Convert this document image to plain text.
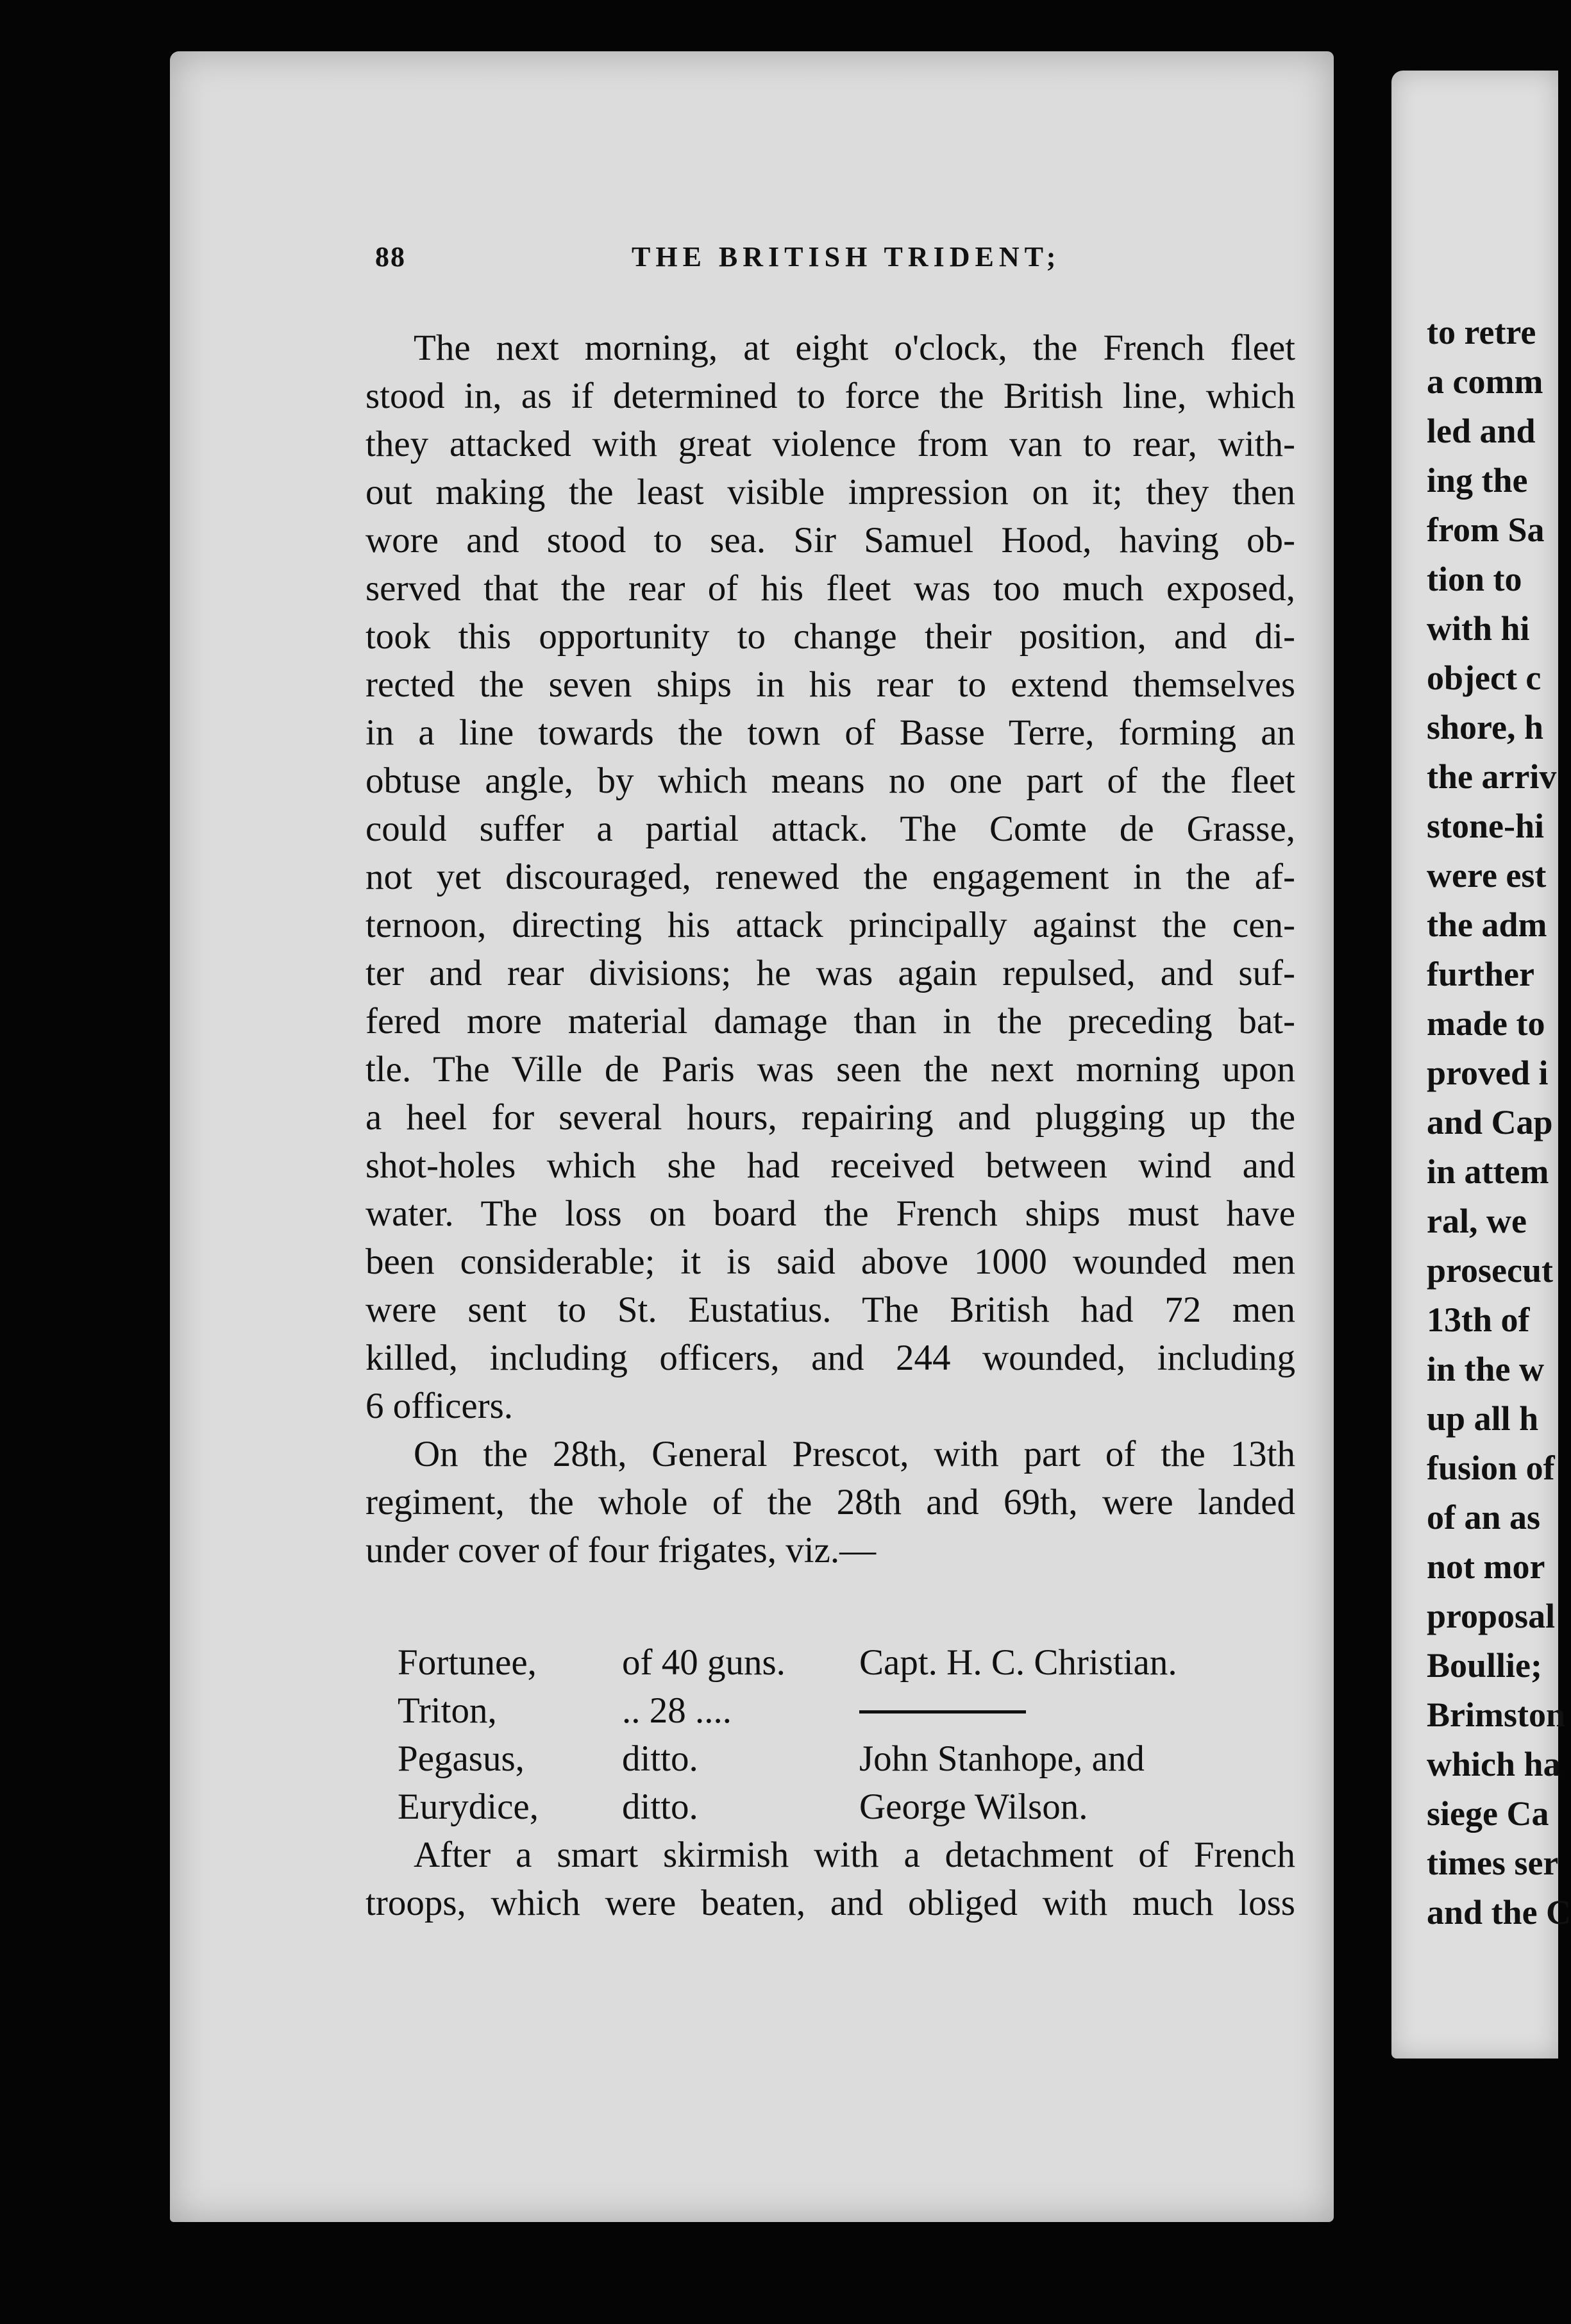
to retre
a comm
led and
ing the
from Sa
tion to
with hi
object c
shore, h
the arriv
stone-hi
were est
the adm
further
made to
proved i
and Cap
in attem
ral, we
prosecut
13th of
in the w
up all h
fusion of
of an as
not mor
proposal
Boullie;
Brimston
which ha
siege Ca
times ser
and the C
88	THE BRITISH TRIDENT;
The next morning, at eight o'clock, the French fleet
stood in, as if determined to force the British line, which
they attacked with great violence from van to rear, with-
out making the least visible impression on it; they then
wore and stood to sea. Sir Samuel Hood, having ob-
served that the rear of his fleet was too much exposed,
took this opportunity to change their position, and di-
rected the seven ships in his rear to extend themselves
in a line towards the town of Basse Terre, forming an
obtuse angle, by which means no one part of the fleet
could suffer a partial attack. The Comte de Grasse,
not yet discouraged, renewed the engagement in the af-
ternoon, directing his attack principally against the cen-
ter and rear divisions; he was again repulsed, and suf-
fered more material damage than in the preceding bat-
tle. The Ville de Paris was seen the next morning upon
a heel for several hours, repairing and plugging up the
shot-holes which she had received between wind and
water. The loss on board the French ships must have
been considerable; it is said above 1000 wounded men
were sent to St. Eustatius. The British had 72 men
killed, including officers, and 244 wounded, including
6 officers.
On the 28th, General Prescot, with part of the 13th
regiment, the whole of the 28th and 69th, were landed
under cover of four frigates, viz.—
Fortunee, of 40 guns. Capt. H. C. Christian.
Triton,	.. 28 ....
Pegasus,	ditto.	John Stanhope, and
Eurydice, ditto.	George Wilson.
After a smart skirmish with a detachment of French
troops, which were beaten, and obliged with much loss
